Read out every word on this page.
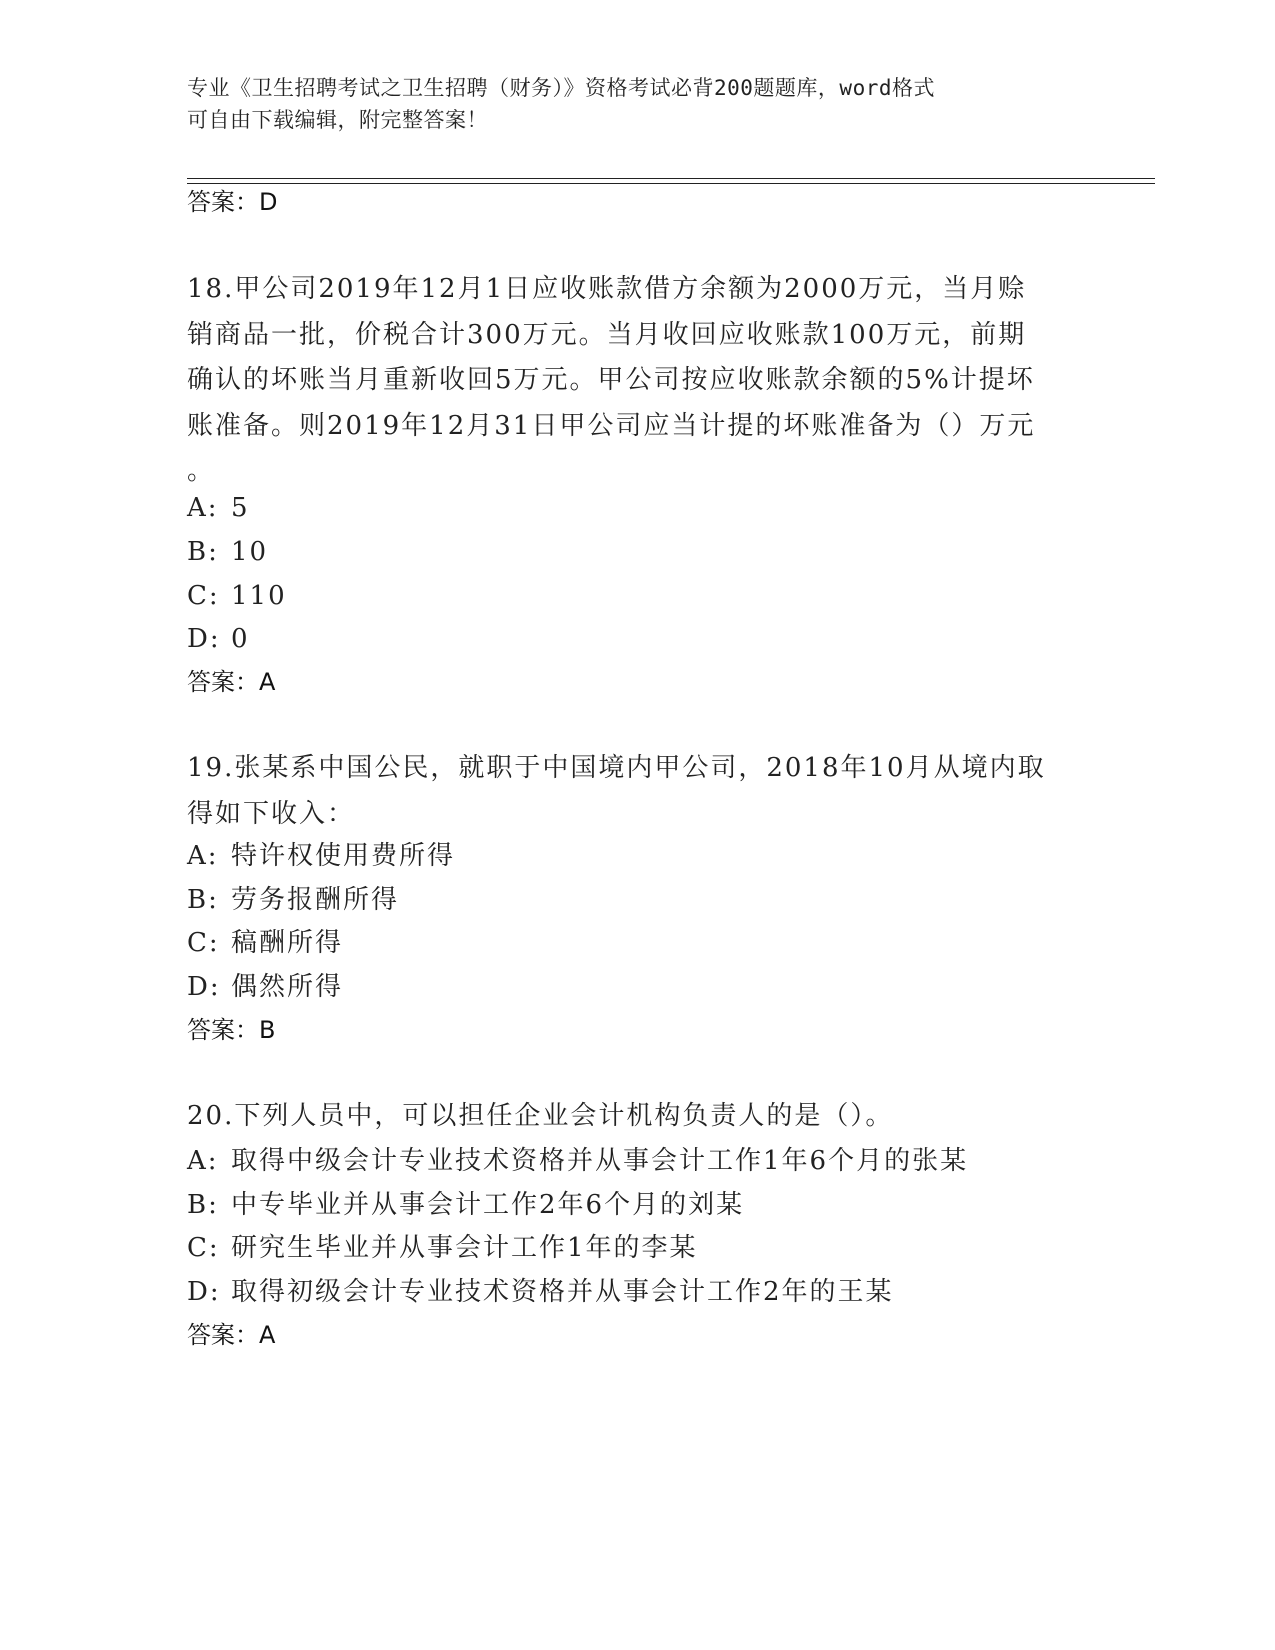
专业《卫生招聘考试之卫生招聘（财务）》资格考试必背200题题库，word格式
可自由下载编辑，附完整答案！
答案：D
18.甲公司2019年12月1日应收账款借方余额为2000万元，当月赊
销商品一批，价税合计300万元。当月收回应收账款100万元，前期
确认的坏账当月重新收回5万元。甲公司按应收账款余额的5%计提坏
账准备。则2019年12月31日甲公司应当计提的坏账准备为（）万元
。
A: 5
B: 10
C: 110
D: 0
答案：A
19.张某系中国公民，就职于中国境内甲公司，2018年10月从境内取
得如下收入：
A: 特许权使用费所得
B: 劳务报酬所得
C: 稿酬所得
D: 偶然所得
答案：B
20.下列人员中，可以担任企业会计机构负责人的是（）。
A: 取得中级会计专业技术资格并从事会计工作1年6个月的张某
B: 中专毕业并从事会计工作2年6个月的刘某
C: 研究生毕业并从事会计工作1年的李某
D: 取得初级会计专业技术资格并从事会计工作2年的王某
答案：A
